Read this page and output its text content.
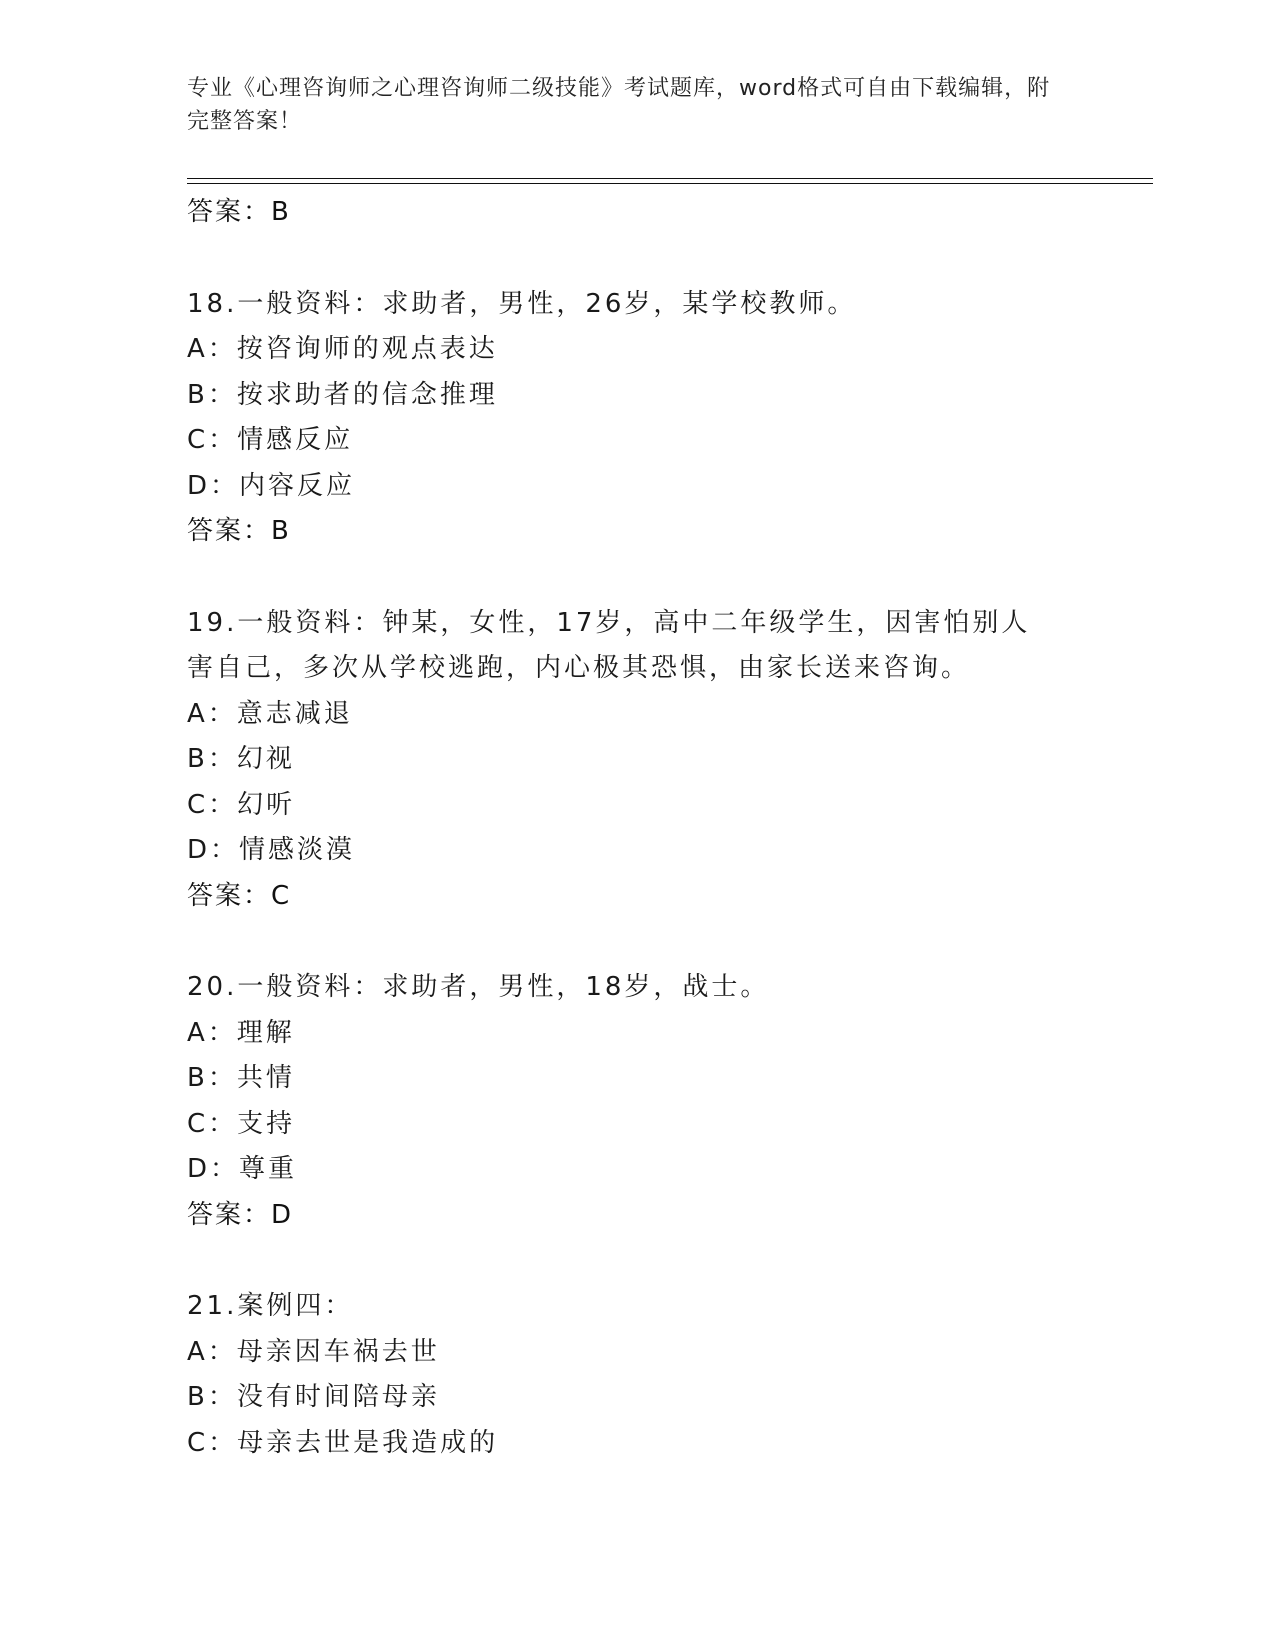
专业《心理咨询师之心理咨询师二级技能》考试题库，word格式可自由下载编辑，附完整答案！
答案：B
18.一般资料：求助者，男性，26岁，某学校教师。
A：按咨询师的观点表达
B：按求助者的信念推理
C：情感反应
D：内容反应
答案：B
19.一般资料：钟某，女性，17岁，高中二年级学生，因害怕别人害自己，多次从学校逃跑，内心极其恐惧，由家长送来咨询。
A：意志减退
B：幻视
C：幻听
D：情感淡漠
答案：C
20.一般资料：求助者，男性，18岁，战士。
A：理解
B：共情
C：支持
D：尊重
答案：D
21.案例四：
A：母亲因车祸去世
B：没有时间陪母亲
C：母亲去世是我造成的
